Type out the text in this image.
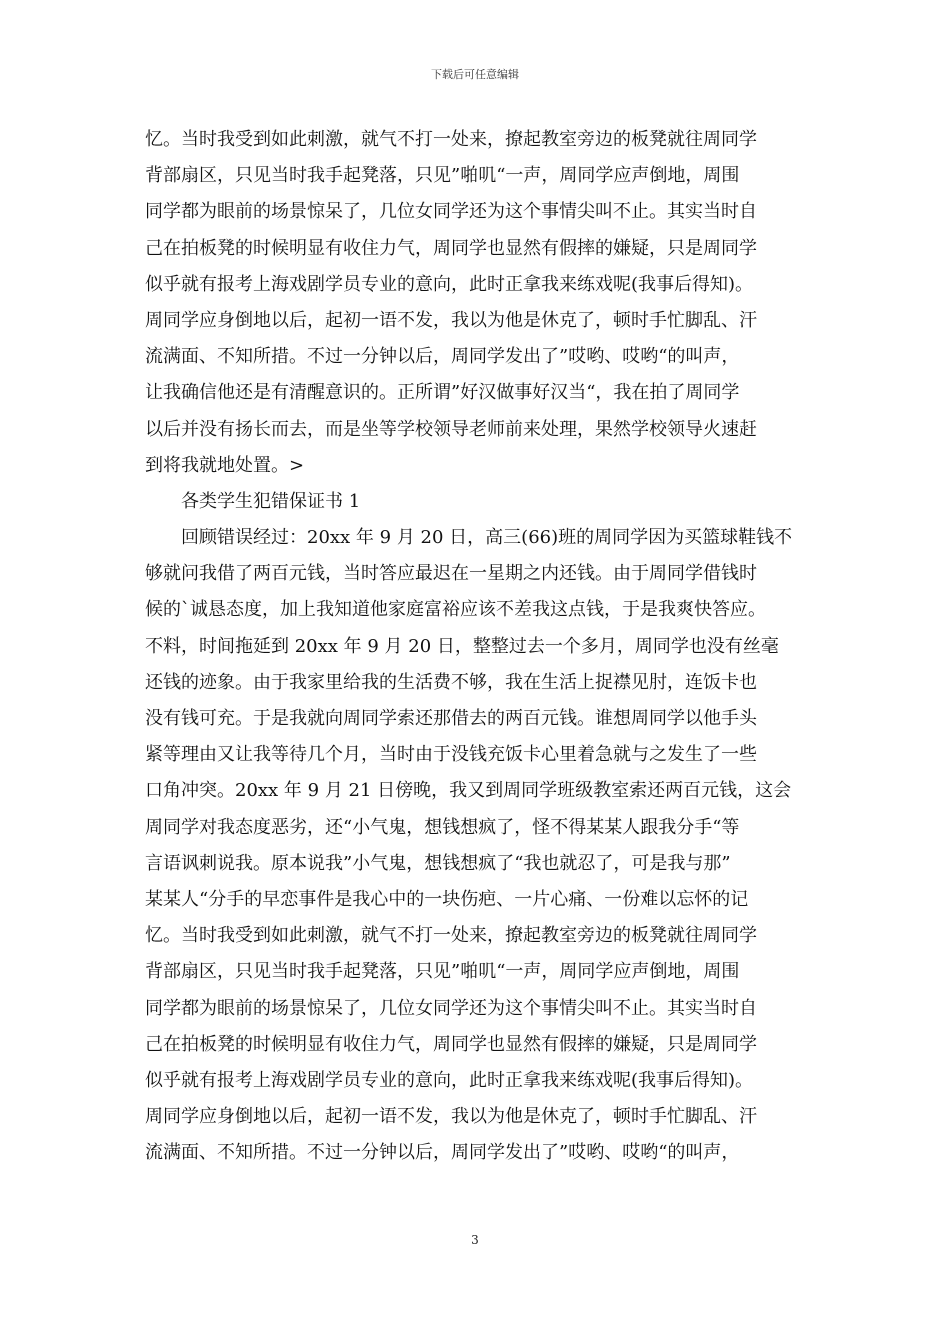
下载后可任意编辑
忆。当时我受到如此刺激，就气不打一处来，撩起教室旁边的板凳就往周同学
背部扇区，只见当时我手起凳落，只见”啪叽“一声，周同学应声倒地，周围
同学都为眼前的场景惊呆了，几位女同学还为这个事情尖叫不止。其实当时自
己在拍板凳的时候明显有收住力气，周同学也显然有假摔的嫌疑，只是周同学
似乎就有报考上海戏剧学员专业的意向，此时正拿我来练戏呢(我事后得知)。
周同学应身倒地以后，起初一语不发，我以为他是休克了，顿时手忙脚乱、汗
流满面、不知所措。不过一分钟以后，周同学发出了”哎哟、哎哟“的叫声，
让我确信他还是有清醒意识的。正所谓”好汉做事好汉当“，我在拍了周同学
以后并没有扬长而去，而是坐等学校领导老师前来处理，果然学校领导火速赶
到将我就地处置。>
各类学生犯错保证书 1
回顾错误经过：20xx 年 9 月 20 日，高三(66)班的周同学因为买篮球鞋钱不
够就问我借了两百元钱，当时答应最迟在一星期之内还钱。由于周同学借钱时
候的`诚恳态度，加上我知道他家庭富裕应该不差我这点钱，于是我爽快答应。
不料，时间拖延到 20xx 年 9 月 20 日，整整过去一个多月，周同学也没有丝毫
还钱的迹象。由于我家里给我的生活费不够，我在生活上捉襟见肘，连饭卡也
没有钱可充。于是我就向周同学索还那借去的两百元钱。谁想周同学以他手头
紧等理由又让我等待几个月，当时由于没钱充饭卡心里着急就与之发生了一些
口角冲突。20xx 年 9 月 21 日傍晚，我又到周同学班级教室索还两百元钱，这会
周同学对我态度恶劣，还“小气鬼，想钱想疯了，怪不得某某人跟我分手“等
言语讽刺说我。原本说我”小气鬼，想钱想疯了“我也就忍了，可是我与那”
某某人“分手的早恋事件是我心中的一块伤疤、一片心痛、一份难以忘怀的记
忆。当时我受到如此刺激，就气不打一处来，撩起教室旁边的板凳就往周同学
背部扇区，只见当时我手起凳落，只见”啪叽“一声，周同学应声倒地，周围
同学都为眼前的场景惊呆了，几位女同学还为这个事情尖叫不止。其实当时自
己在拍板凳的时候明显有收住力气，周同学也显然有假摔的嫌疑，只是周同学
似乎就有报考上海戏剧学员专业的意向，此时正拿我来练戏呢(我事后得知)。
周同学应身倒地以后，起初一语不发，我以为他是休克了，顿时手忙脚乱、汗
流满面、不知所措。不过一分钟以后，周同学发出了”哎哟、哎哟“的叫声，
3
